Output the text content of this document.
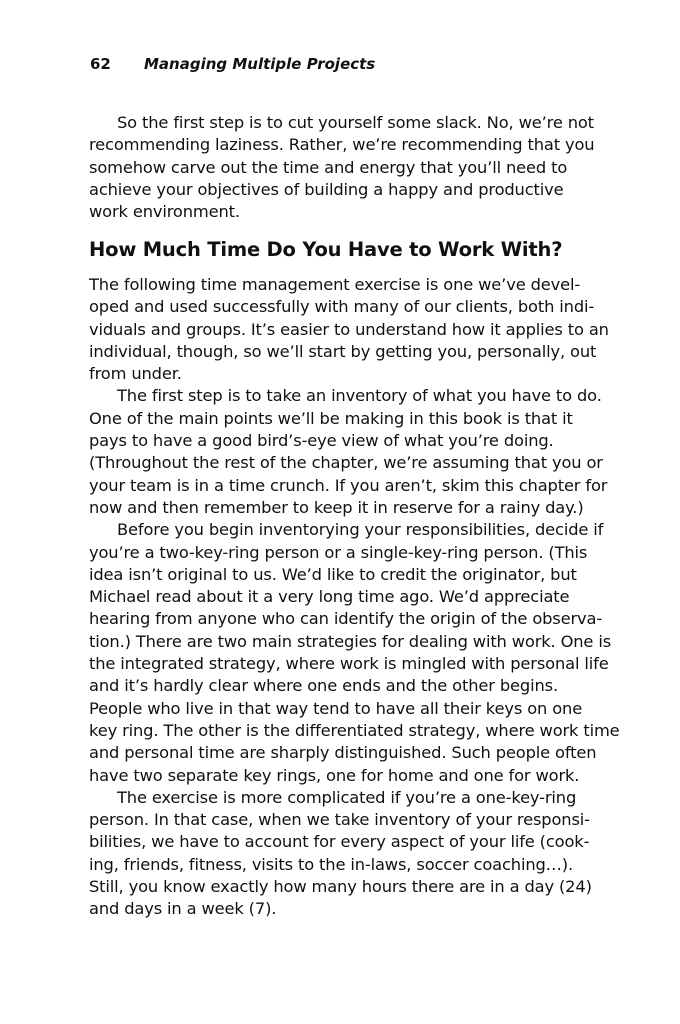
62 Managing Multiple Projects

So the first step is to cut yourself some slack. No, we’re not
recommending laziness. Rather, we’re recommending that you
somehow carve out the time and energy that you’ll need to
achieve your objectives of building a happy and productive
work environment.

How Much Time Do You Have to Work With?

The following time management exercise is one we’ve devel-
oped and used successfully with many of our clients, both indi-
viduals and groups. It’s easier to understand how it applies to an
individual, though, so we’ll start by getting you, personally, out
from under.

The first step is to take an inventory of what you have to do.
One of the main points we’ll be making in this book is that it
pays to have a good bird’s-eye view of what you’re doing.
(Throughout the rest of the chapter, we’re assuming that you or
your team is in a time crunch. If you aren’t, skim this chapter for
now and then remember to keep it in reserve for a rainy day.)

Before you begin inventorying your responsibilities, decide if
you’re a two-key-ring person or a single-key-ring person. (This
idea isn’t original to us. We’d like to credit the originator, but
Michael read about it a very long time ago. We’d appreciate
hearing from anyone who can identify the origin of the observa-
tion.) There are two main strategies for dealing with work. One is
the integrated strategy, where work is mingled with personal life
and it’s hardly clear where one ends and the other begins.
People who live in that way tend to have all their keys on one
key ring. The other is the differentiated strategy, where work time
and personal time are sharply distinguished. Such people often
have two separate key rings, one for home and one for work.

The exercise is more complicated if you’re a one-key-ring
person. In that case, when we take inventory of your responsi-
bilities, we have to account for every aspect of your life (cook-
ing, friends, fitness, visits to the in-laws, soccer coaching…).
Still, you know exactly how many hours there are in a day (24)
and days in a week (7).
